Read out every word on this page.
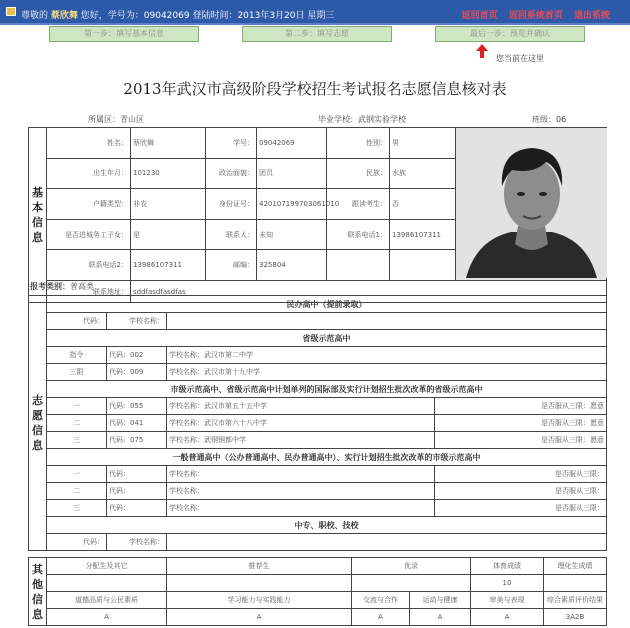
尊敬的 蔡欣舞 您好，学号为：09042069 登陆时间：2013年3月20日 星期三	返回首页 返回系统首页 退出系统
第一步：填写基本信息	第二步：填写志愿	最后一步：预览并确认
您当前在这里
2013年武汉市高级阶段学校招生考试报名志愿信息核对表
所属区：青山区	毕业学校：武钢实验学校	班级：06
基本信息	姓名：	蔡欣舞	学号：	09042069	性别：	男	

	出生年月：	101230	政治面貌：	团员	民族：	水族	
	户籍类型：	非农	身份证号：	420107199703061010	跟读考生：	否	
	是否进城务工子女：	是	联系人：	未知	联系电话1：	13986107311	
	联系电话2：	13986107311	邮编：	325804			
	联系地址：	sddfasdfasdfas					
报考类别：普高类
志愿信息	民办高中（提前录取）			
	代码：	学校名称：		
	省级示范高中			
	指令	代码：002	学校名称：武汉市第二中学	
	三限	代码：009	学校名称：武汉市第十九中学	
	市级示范高中、省级示范高中计划单列的国际部及实行计划招生批次改革的省级示范高中			
	一	代码：055	学校名称：武汉市第五十五中学	是否服从三限：愿意
	二	代码：041	学校名称：武汉市第六十八中学	是否服从三限：愿意
	三	代码：075	学校名称：武钢钢都中学	是否服从三限：愿意
	一般普通高中（公办普通高中、民办普通高中）、实行计划招生批次改革的市级示范高中			
	一	代码：	学校名称：	是否服从三限：
	二	代码：	学校名称：	是否服从三限：
	三	代码：	学校名称：	是否服从三限：
	中专、职校、技校			
	代码：	学校名称：		
其他信息	分配生及其它	推荐生	优录		体育成绩	理化生成绩
					10	
	道德品质与公民素质	学习能力与实践能力	交流与合作	运动与健康	审美与表现	综合素质评价结果
	A	A	A	A	A	3A2B
